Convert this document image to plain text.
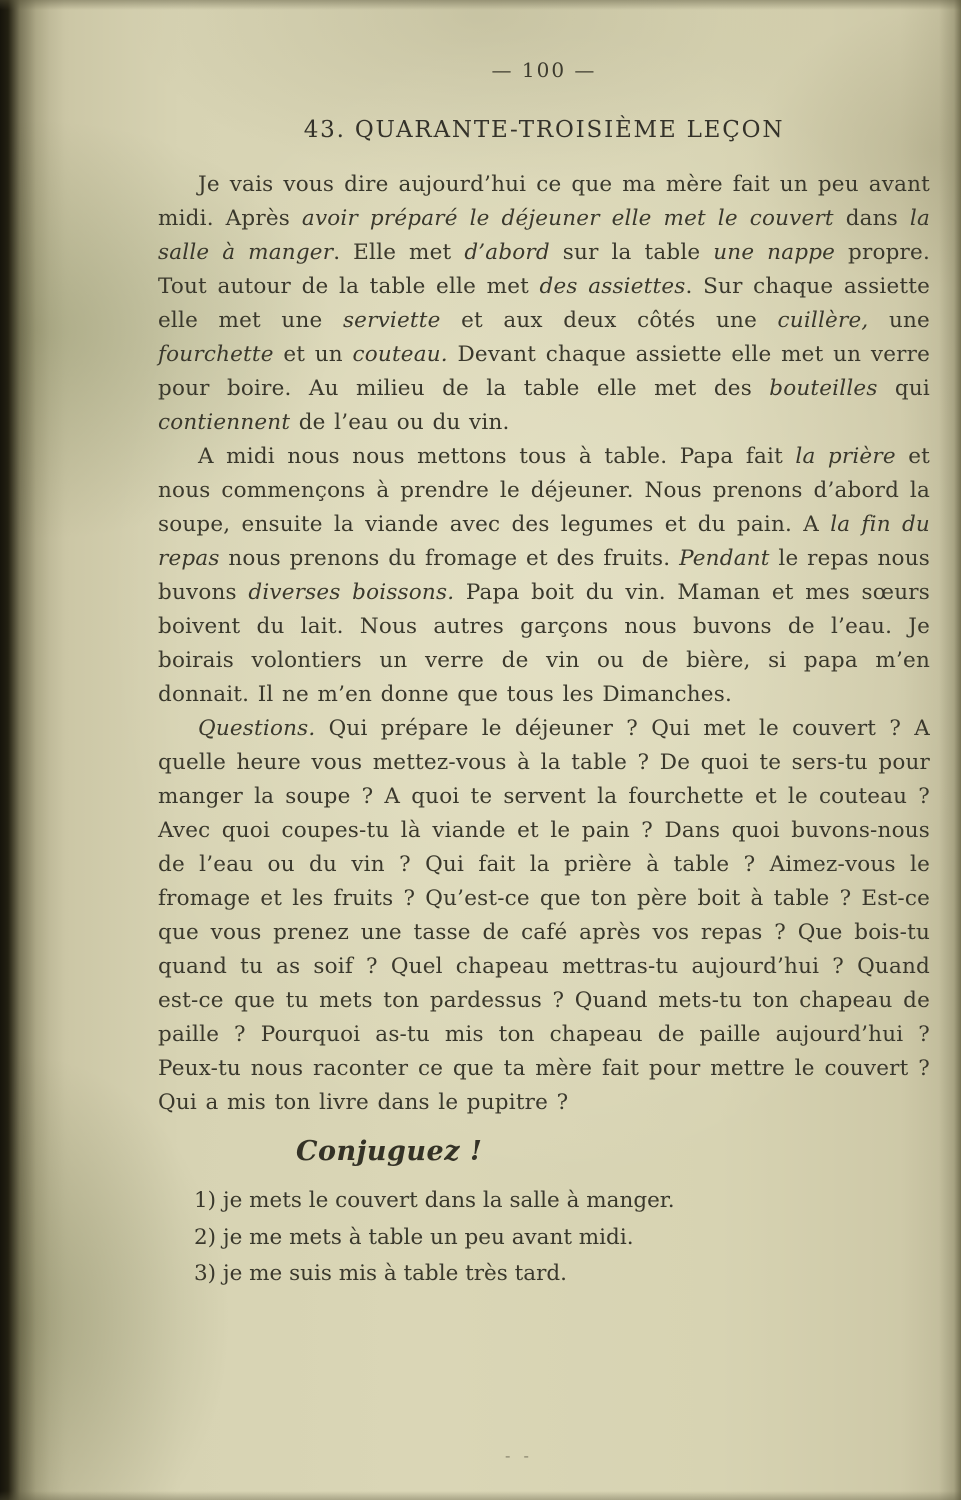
— 100 —
43. QUARANTE-TROISIÈME LEÇON

Je vais vous dire aujourd’hui ce que ma mère fait un peu avant midi. Après avoir préparé le déjeuner elle met le couvert dans la salle à manger. Elle met d’abord sur la table une nappe propre. Tout autour de la table elle met des assiettes. Sur chaque assiette elle met une serviette et aux deux côtés une cuillère, une fourchette et un couteau. Devant chaque assiette elle met un verre pour boire. Au milieu de la table elle met des bouteilles qui contiennent de l’eau ou du vin.

A midi nous nous mettons tous à table. Papa fait la prière et nous commençons à prendre le déjeuner. Nous prenons d’abord la soupe, ensuite la viande avec des legumes et du pain. A la fin du repas nous prenons du fromage et des fruits. Pendant le repas nous buvons diverses boissons. Papa boit du vin. Maman et mes sœurs boivent du lait. Nous autres garçons nous buvons de l’eau. Je boirais volontiers un verre de vin ou de bière, si papa m’en donnait. Il ne m’en donne que tous les Dimanches.

Questions. Qui prépare le déjeuner ? Qui met le couvert ? A quelle heure vous mettez-vous à la table ? De quoi te sers-tu pour manger la soupe ? A quoi te servent la fourchette et le couteau ? Avec quoi coupes-tu là viande et le pain ? Dans quoi buvons-nous de l’eau ou du vin ? Qui fait la prière à table ? Aimez-vous le fromage et les fruits ? Qu’est-ce que ton père boit à table ? Est-ce que vous prenez une tasse de café après vos repas ? Que bois-tu quand tu as soif ? Quel chapeau mettras-tu aujourd’hui ? Quand est-ce que tu mets ton pardessus ? Quand mets-tu ton chapeau de paille ? Pourquoi as-tu mis ton chapeau de paille aujourd’hui ? Peux-tu nous raconter ce que ta mère fait pour mettre le couvert ? Qui a mis ton livre dans le pupitre ?

Conjuguez !
1) je mets le couvert dans la salle à manger.
2) je me mets à table un peu avant midi.
3) je me suis mis à table très tard.
- -
